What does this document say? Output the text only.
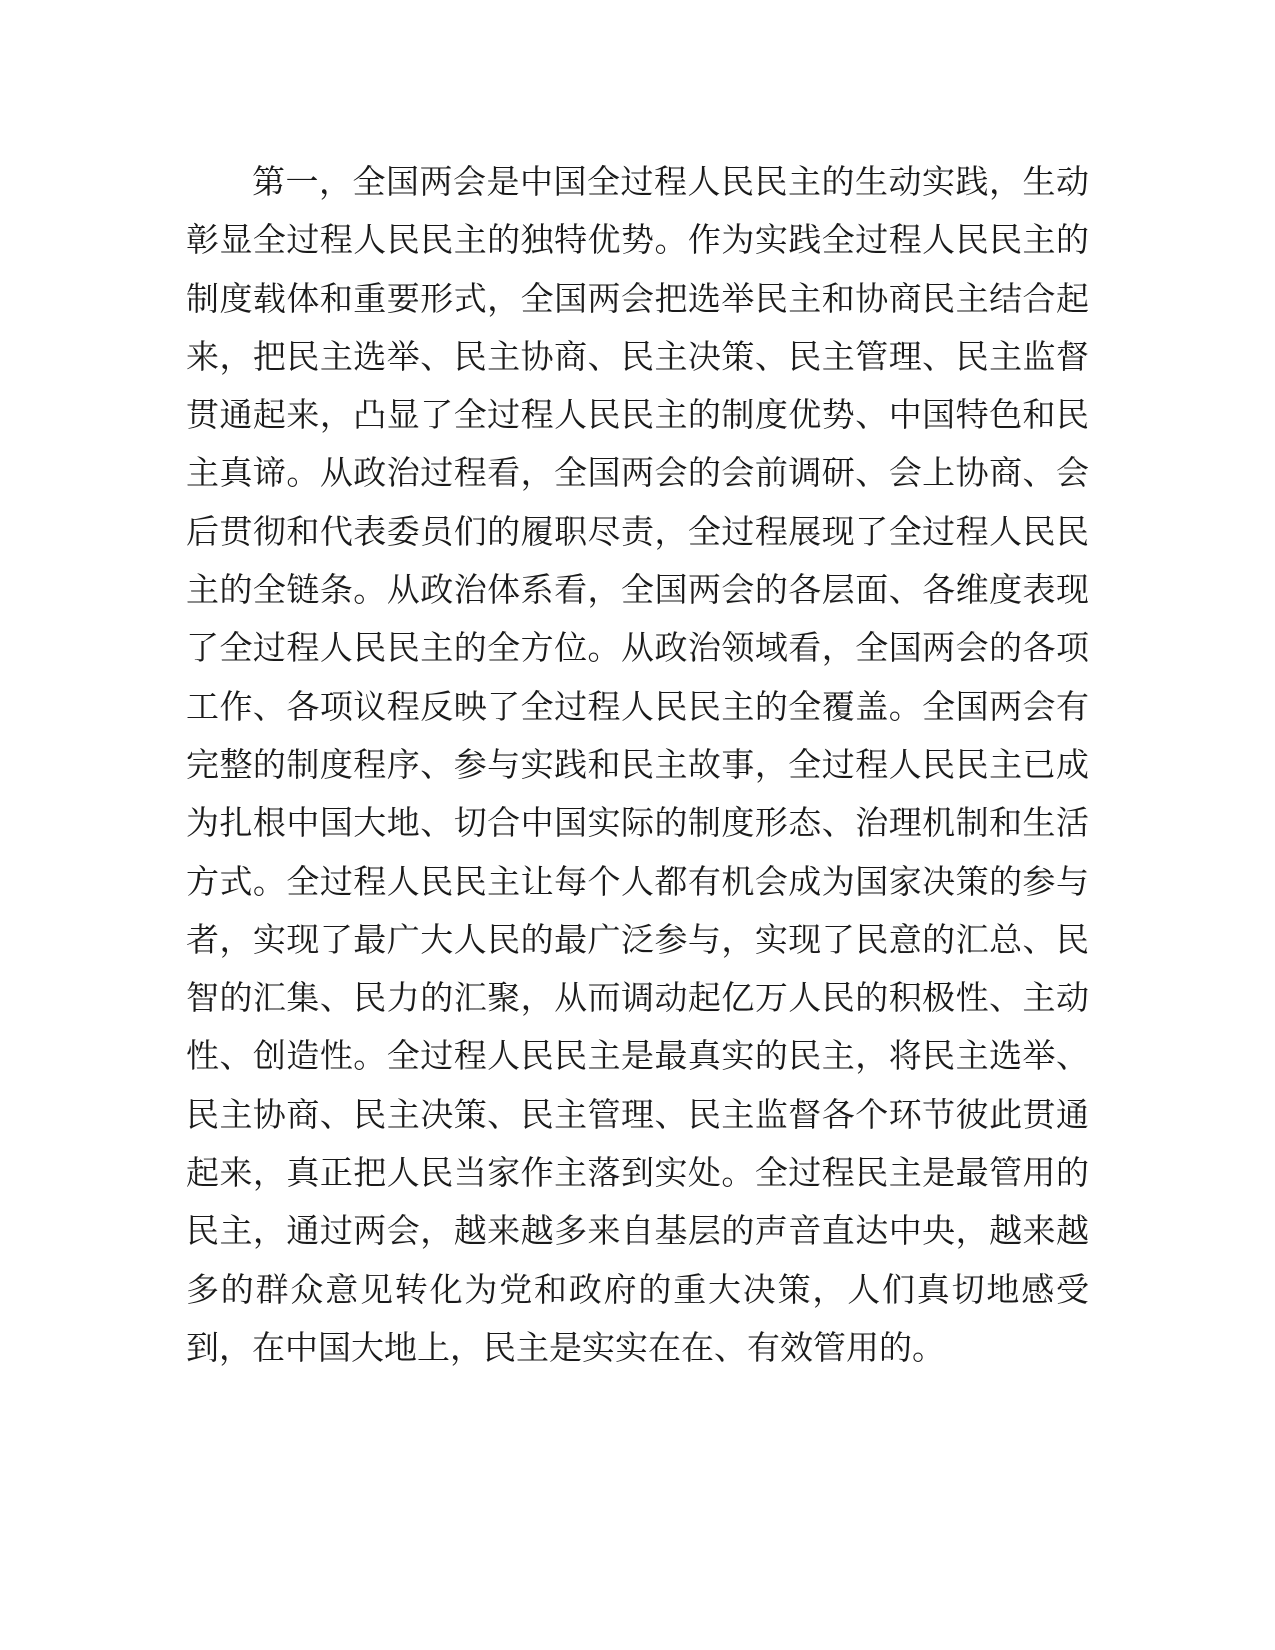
第一，全国两会是中国全过程人民民主的生动实践，生动
彰显全过程人民民主的独特优势。作为实践全过程人民民主的
制度载体和重要形式，全国两会把选举民主和协商民主结合起
来，把民主选举、民主协商、民主决策、民主管理、民主监督
贯通起来，凸显了全过程人民民主的制度优势、中国特色和民
主真谛。从政治过程看，全国两会的会前调研、会上协商、会
后贯彻和代表委员们的履职尽责，全过程展现了全过程人民民
主的全链条。从政治体系看，全国两会的各层面、各维度表现
了全过程人民民主的全方位。从政治领域看，全国两会的各项
工作、各项议程反映了全过程人民民主的全覆盖。全国两会有
完整的制度程序、参与实践和民主故事，全过程人民民主已成
为扎根中国大地、切合中国实际的制度形态、治理机制和生活
方式。全过程人民民主让每个人都有机会成为国家决策的参与
者，实现了最广大人民的最广泛参与，实现了民意的汇总、民
智的汇集、民力的汇聚，从而调动起亿万人民的积极性、主动
性、创造性。全过程人民民主是最真实的民主，将民主选举、
民主协商、民主决策、民主管理、民主监督各个环节彼此贯通
起来，真正把人民当家作主落到实处。全过程民主是最管用的
民主，通过两会，越来越多来自基层的声音直达中央，越来越
多的群众意见转化为党和政府的重大决策，人们真切地感受
到，在中国大地上，民主是实实在在、有效管用的。
